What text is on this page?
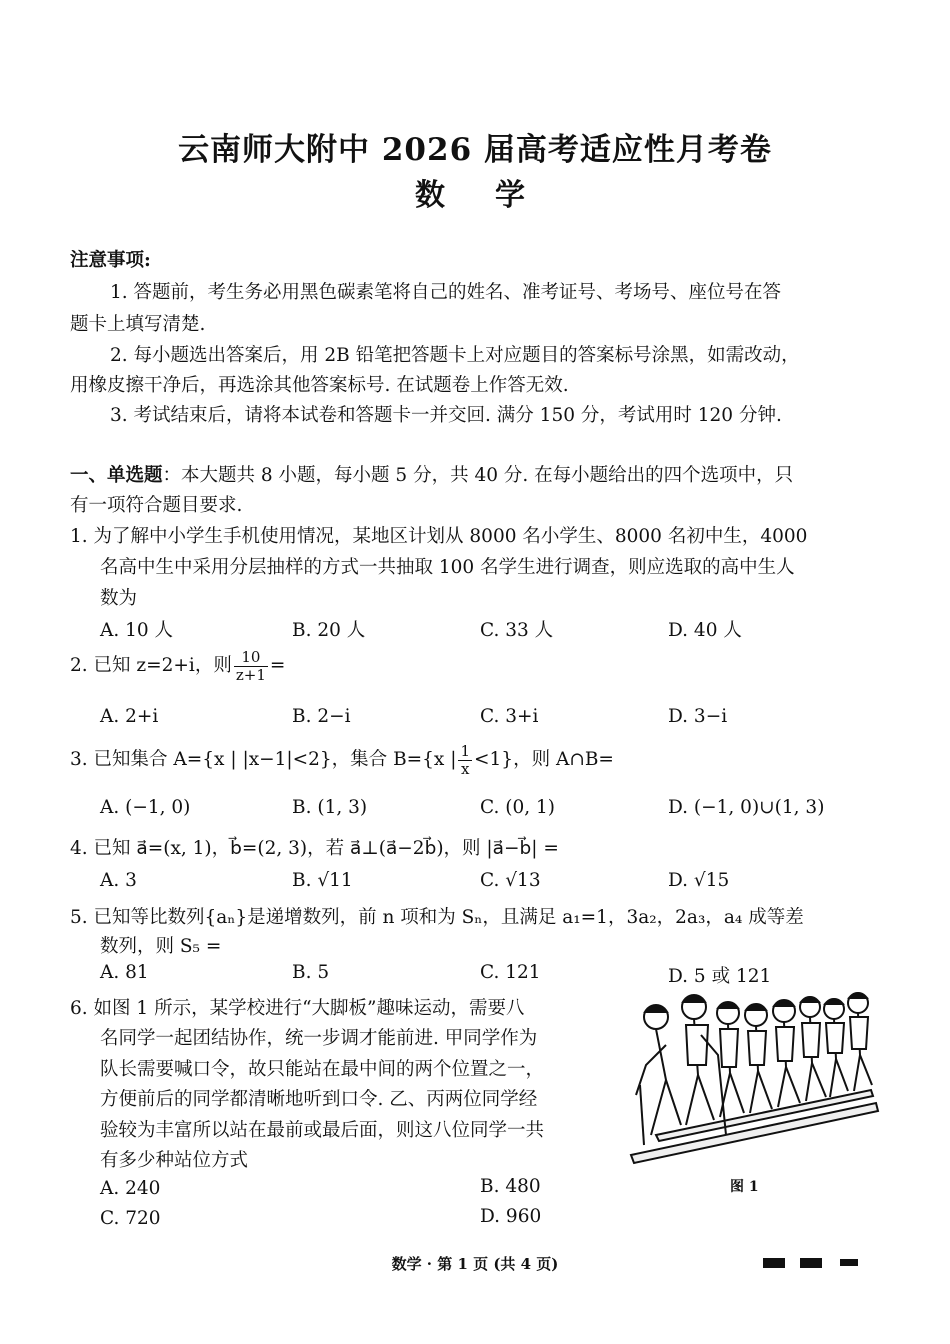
云南师大附中 2026 届高考适应性月考卷
数　学
注意事项:
1. 答题前，考生务必用黑色碳素笔将自己的姓名、准考证号、考场号、座位号在答
题卡上填写清楚.
2. 每小题选出答案后，用 2B 铅笔把答题卡上对应题目的答案标号涂黑，如需改动，
用橡皮擦干净后，再选涂其他答案标号. 在试题卷上作答无效.
3. 考试结束后，请将本试卷和答题卡一并交回. 满分 150 分，考试用时 120 分钟.
一、单选题：本大题共 8 小题，每小题 5 分，共 40 分. 在每小题给出的四个选项中，只
有一项符合题目要求.
1. 为了解中小学生手机使用情况，某地区计划从 8000 名小学生、8000 名初中生，4000
名高中生中采用分层抽样的方式一共抽取 100 名学生进行调查，则应选取的高中生人
数为
A. 10 人	B. 20 人	C. 33 人	D. 40 人
2. 已知 z=2+i，则 $\frac{10}{z+1}$ =
A. 2+i	B. 2−i	C. 3+i	D. 3−i
3. 已知集合 A={x | |x−1|<2}，集合 B={x | $\frac{1}{x} <1$}，则 A∩B=
A. (−1, 0)	B. (1, 3)	C. (0, 1)	D. (−1, 0)∪(1, 3)
4. 已知 a⃗=(x, 1)，b⃗=(2, 3)，若 a⃗⊥(a⃗−2b⃗)，则 |a⃗−b⃗| =
A. 3	B. √11	C. √13	D. √15
5. 已知等比数列{aₙ}是递增数列，前 n 项和为 Sₙ，且满足 a₁=1，3a₂，2a₃，a₄ 成等差
数列，则 S₅ =
A. 81	B. 5	C. 121	D. 5 或 121
6. 如图 1 所示，某学校进行“大脚板”趣味运动，需要八
名同学一起团结协作，统一步调才能前进. 甲同学作为
队长需要喊口令，故只能站在最中间的两个位置之一，
方便前后的同学都清晰地听到口令. 乙、丙两位同学经
验较为丰富所以站在最前或最后面，则这八位同学一共
有多少种站位方式
A. 240	B. 480
C. 720	D. 960
图 1
数学 · 第 1 页 (共 4 页)
